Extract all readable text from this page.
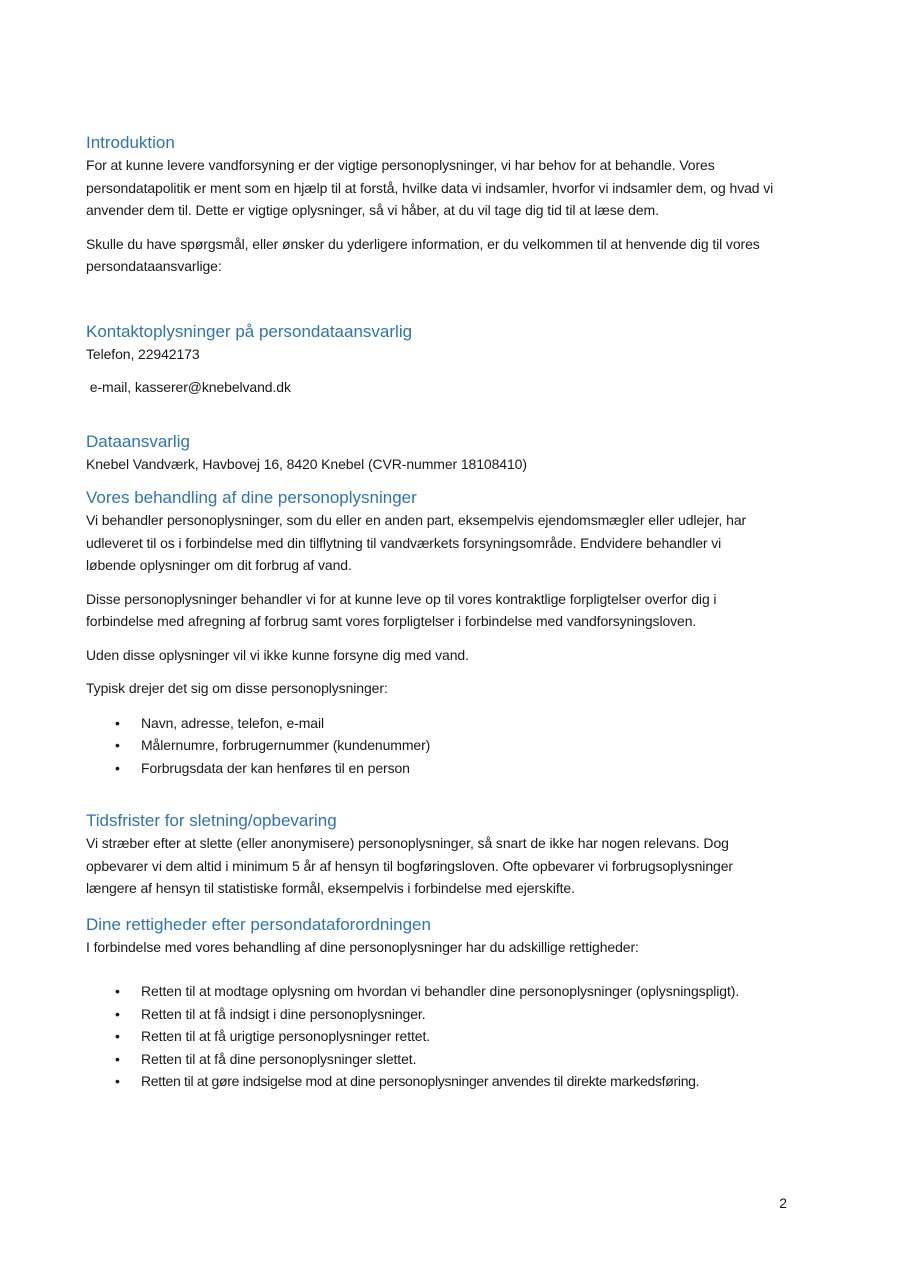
Introduktion

For at kunne levere vandforsyning er der vigtige personoplysninger, vi har behov for at behandle. Vores persondatapolitik er ment som en hjælp til at forstå, hvilke data vi indsamler, hvorfor vi indsamler dem, og hvad vi anvender dem til. Dette er vigtige oplysninger, så vi håber, at du vil tage dig tid til at læse dem.

Skulle du have spørgsmål, eller ønsker du yderligere information, er du velkommen til at henvende dig til vores persondataansvarlige:

Kontaktoplysninger på persondataansvarlig

Telefon, 22942173

e-mail, kasserer@knebelvand.dk

Dataansvarlig

Knebel Vandværk, Havbovej 16, 8420 Knebel (CVR-nummer 18108410)

Vores behandling af dine personoplysninger

Vi behandler personoplysninger, som du eller en anden part, eksempelvis ejendomsmægler eller udlejer, har udleveret til os i forbindelse med din tilflytning til vandværkets forsyningsområde. Endvidere behandler vi løbende oplysninger om dit forbrug af vand.

Disse personoplysninger behandler vi for at kunne leve op til vores kontraktlige forpligtelser overfor dig i forbindelse med afregning af forbrug samt vores forpligtelser i forbindelse med vandforsyningsloven.

Uden disse oplysninger vil vi ikke kunne forsyne dig med vand.

Typisk drejer det sig om disse personoplysninger:

• Navn, adresse, telefon, e-mail
• Målernumre, forbrugernummer (kundenummer)
• Forbrugsdata der kan henføres til en person
Tidsfrister for sletning/opbevaring

Vi stræber efter at slette (eller anonymisere) personoplysninger, så snart de ikke har nogen relevans. Dog opbevarer vi dem altid i minimum 5 år af hensyn til bogføringsloven. Ofte opbevarer vi forbrugsoplysninger længere af hensyn til statistiske formål, eksempelvis i forbindelse med ejerskifte.

Dine rettigheder efter persondataforordningen

I forbindelse med vores behandling af dine personoplysninger har du adskillige rettigheder:

• Retten til at modtage oplysning om hvordan vi behandler dine personoplysninger (oplysningspligt).
• Retten til at få indsigt i dine personoplysninger.
• Retten til at få urigtige personoplysninger rettet.
• Retten til at få dine personoplysninger slettet.
• Retten til at gøre indsigelse mod at dine personoplysninger anvendes til direkte markedsføring.
2
